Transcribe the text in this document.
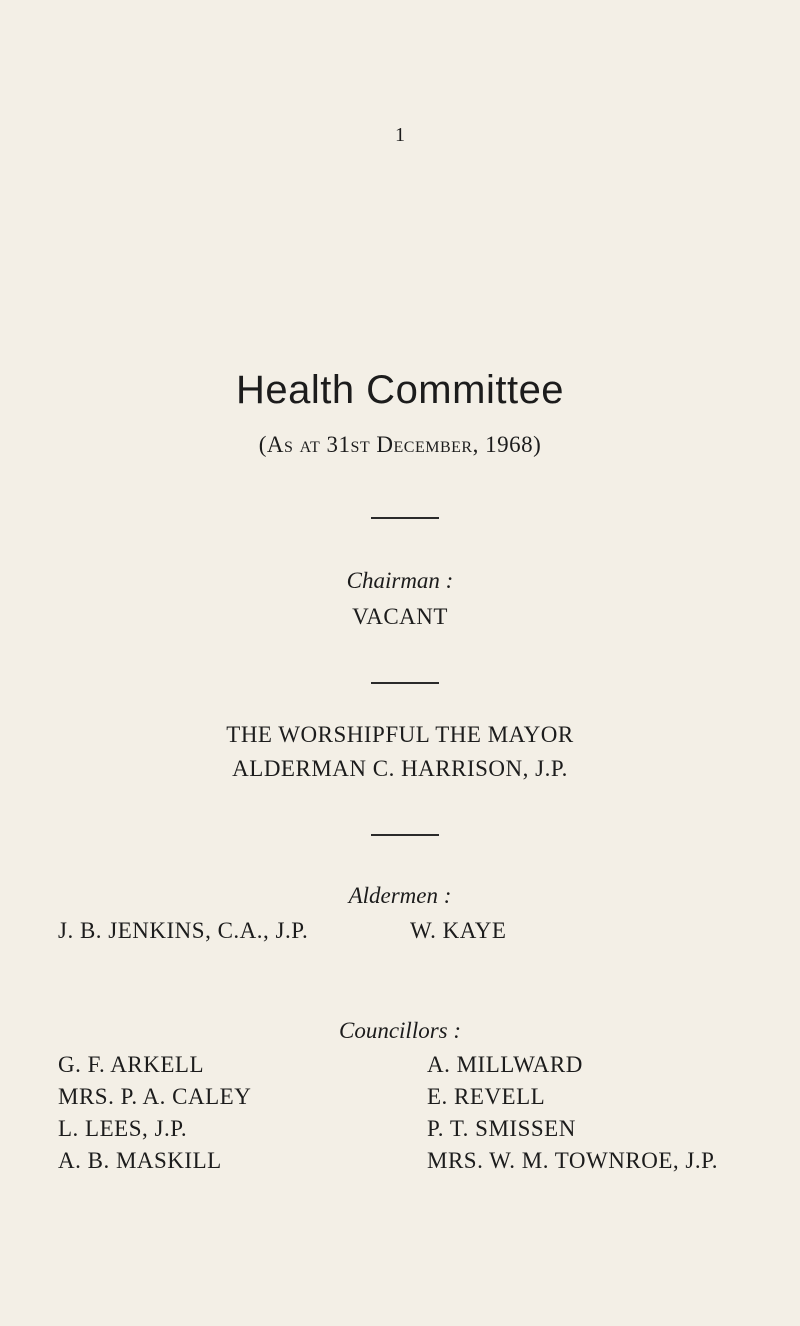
1
Health Committee
(As at 31st December, 1968)
Chairman :
VACANT
THE WORSHIPFUL THE MAYOR
ALDERMAN C. HARRISON, J.P.
Aldermen :
J. B. JENKINS, C.A., J.P.	W. KAYE
Councillors :
G. F. ARKELL
MRS. P. A. CALEY
L. LEES, J.P.
A. B. MASKILL
A. MILLWARD
E. REVELL
P. T. SMISSEN
MRS. W. M. TOWNROE, J.P.
